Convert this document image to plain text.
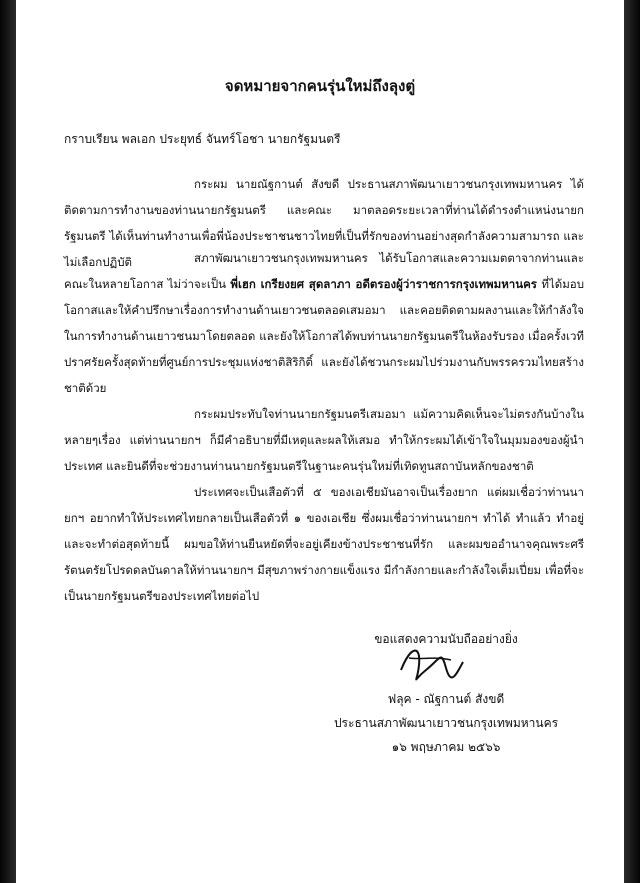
จดหมายจากคนรุ่นใหม่ถึงลุงตู่
กราบเรียน พลเอก ประยุทธ์ จันทร์โอชา นายกรัฐมนตรี
กระผม นายณัฐกานต์ สังขดี ประธานสภาพัฒนาเยาวชนกรุงเทพมหานคร ได้ติดตามการทำงานของท่านนายกรัฐมนตรี และคณะ มาตลอดระยะเวลาที่ท่านได้ดำรงตำแหน่งนายกรัฐมนตรี ได้เห็นท่านทำงานเพื่อพี่น้องประชาชนชาวไทยที่เป็นที่รักของท่านอย่างสุดกำลังความสามารถ และไม่เลือกปฏิบัติ	สภาพัฒนาเยาวชนกรุงเทพมหานคร ได้รับโอกาสและความเมตตาจากท่านและคณะในหลายโอกาส ไม่ว่าจะเป็น พี่เฮก เกรียงยศ สุดลาภา อดีตรองผู้ว่าราชการกรุงเทพมหานคร ที่ได้มอบโอกาสและให้คำปรึกษาเรื่องการทำงานด้านเยาวชนตลอดเสมอมา และคอยติดตามผลงานและให้กำลังใจในการทำงานด้านเยาวชนมาโดยตลอด และยังให้โอกาสได้พบท่านนายกรัฐมนตรีในห้องรับรอง เมื่อครั้งเวทีปราศรัยครั้งสุดท้ายที่ศูนย์การประชุมแห่งชาติสิริกิติ์ และยังได้ชวนกระผมไปร่วมงานกับพรรครวมไทยสร้างชาติด้วย
กระผมประทับใจท่านนายกรัฐมนตรีเสมอมา แม้ความคิดเห็นจะไม่ตรงกันบ้างในหลายๆเรื่อง แต่ท่านนายกฯ ก็มีคำอธิบายที่มีเหตุและผลให้เสมอ ทำให้กระผมได้เข้าใจในมุมมองของผู้นำประเทศ และยินดีที่จะช่วยงานท่านนายกรัฐมนตรีในฐานะคนรุ่นใหม่ที่เทิดทูนสถาบันหลักของชาติ
ประเทศจะเป็นเสือตัวที่ ๕ ของเอเชียมันอาจเป็นเรื่องยาก แต่ผมเชื่อว่าท่านนายกฯ อยากทำให้ประเทศไทยกลายเป็นเสือตัวที่ ๑ ของเอเชีย ซึ่งผมเชื่อว่าท่านนายกฯ ทำได้ ทำแล้ว ทำอยู่ และจะทำต่อสุดท้ายนี้ ผมขอให้ท่านยืนหยัดที่จะอยู่เคียงข้างประชาชนที่รัก และผมขออำนาจคุณพระศรีรัตนตรัยโปรดดลบันดาลให้ท่านนายกฯ มีสุขภาพร่างกายแข็งแรง มีกำลังกายและกำลังใจเต็มเปี่ยม เพื่อที่จะเป็นนายกรัฐมนตรีของประเทศไทยต่อไป
ขอแสดงความนับถืออย่างยิ่ง
ฟลุค - ณัฐกานต์ สังขดี
ประธานสภาพัฒนาเยาวชนกรุงเทพมหานคร
๑๖ พฤษภาคม ๒๕๖๖
